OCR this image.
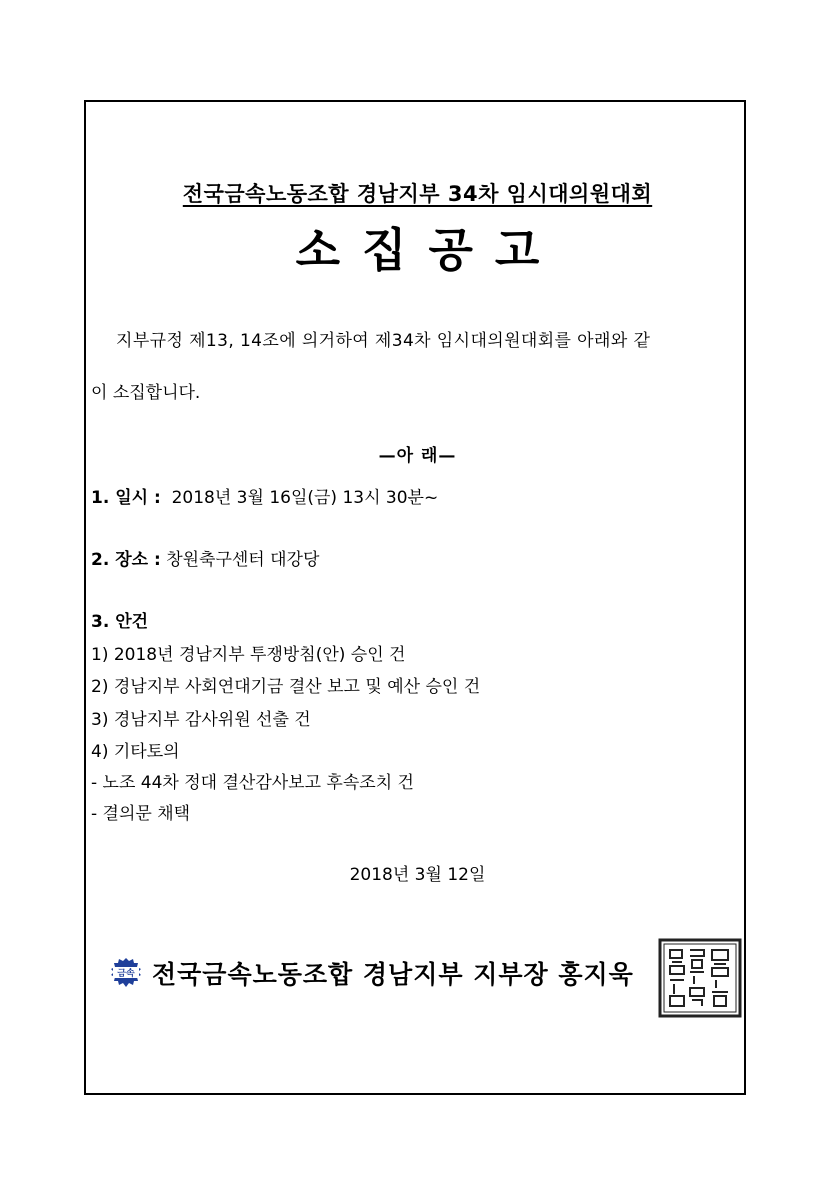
전국금속노동조합 경남지부 34차 임시대의원대회
소집공고
지부규정 제13, 14조에 의거하여 제34차 임시대의원대회를 아래와 같
이 소집합니다.
—아 래—
1. 일시 : 2018년 3월 16일(금) 13시 30분~
2. 장소 : 창원축구센터 대강당
3. 안건
1) 2018년 경남지부 투쟁방침(안) 승인 건
2) 경남지부 사회연대기금 결산 보고 및 예산 승인 건
3) 경남지부 감사위원 선출 건
4) 기타토의
- 노조 44차 정대 결산감사보고 후속조치 건
- 결의문 채택
2018년 3월 12일
금속 전국금속노동조합 경남지부 지부장 홍지욱
